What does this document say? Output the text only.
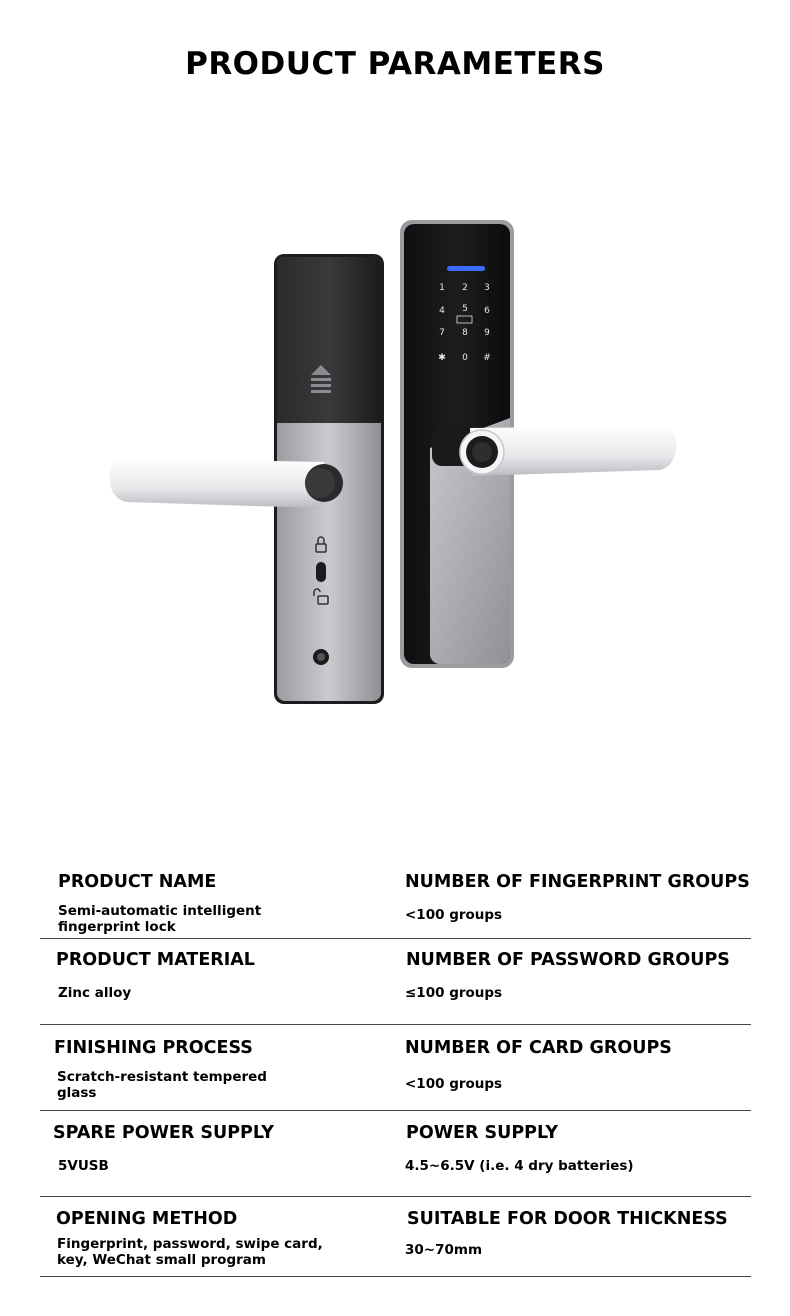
PRODUCT PARAMETERS
1 2 3
4 5 6
7 8 9
✱ 0 #
PRODUCT NAME
Semi-automatic intelligent fingerprint lock
NUMBER OF FINGERPRINT GROUPS
<100 groups
PRODUCT MATERIAL
Zinc alloy
NUMBER OF PASSWORD GROUPS
≤100 groups
FINISHING PROCESS
Scratch-resistant tempered glass
NUMBER OF CARD GROUPS
<100 groups
SPARE POWER SUPPLY
5VUSB
POWER SUPPLY
4.5~6.5V (i.e. 4 dry batteries)
OPENING METHOD
Fingerprint, password, swipe card, key, WeChat small program
SUITABLE FOR DOOR THICKNESS
30~70mm
